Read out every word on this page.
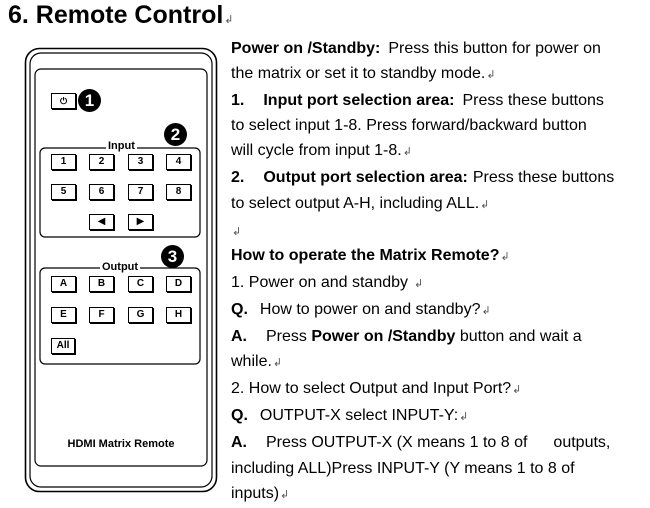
6. Remote Control↲
⏻	1
2
Input
1	2	3	4
5	6	7	8
◀	▶
3
Output
A	B	C	D
E	F	G	H
All
HDMI Matrix Remote

Power on /Standby: Press this button for power on

the matrix or set it to standby mode.↲

1. Input port selection area: Press these buttons

to select input 1-8. Press forward/backward button

will cycle from input 1-8.↲

2. Output port selection area: Press these buttons

to select output A-H, including ALL.↲

↲

How to operate the Matrix Remote?↲

1. Power on and standby ↲

Q. How to power on and standby?↲

A. Press Power on /Standby button and wait a

while.↲

2. How to select Output and Input Port?↲

Q. OUTPUT-X select INPUT-Y:↲

A. Press OUTPUT-X (X means 1 to 8 of outputs,

including ALL)Press INPUT-Y (Y means 1 to 8 of

inputs)↲
